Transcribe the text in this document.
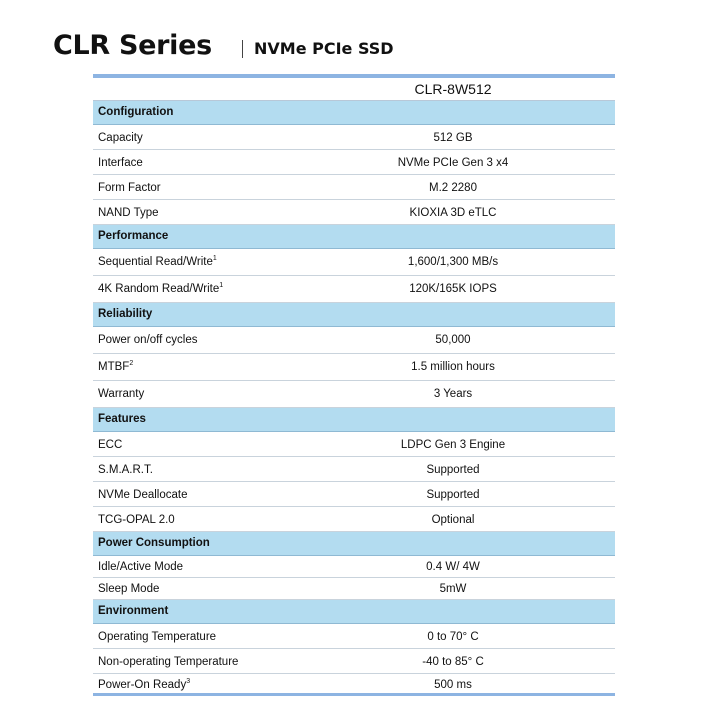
CLR Series	NVMe PCIe SSD
CLR-8W512
Configuration
Capacity	512 GB
Interface	NVMe PCIe Gen 3 x4
Form Factor	M.2 2280
NAND Type	KIOXIA 3D eTLC
Performance
Sequential Read/Write$^1$	1,600/1,300 MB/s
4K Random Read/Write$^1$	120K/165K IOPS
Reliability
Power on/off cycles	50,000
MTBF$^2$	1.5 million hours
Warranty	3 Years
Features
ECC	LDPC Gen 3 Engine
S.M.A.R.T.	Supported
NVMe Deallocate	Supported
TCG-OPAL 2.0	Optional
Power Consumption
Idle/Active Mode	0.4 W/ 4W
Sleep Mode	5mW
Environment
Operating Temperature	0 to 70° C
Non-operating Temperature	-40 to 85° C
Power-On Ready$^3$	500 ms
